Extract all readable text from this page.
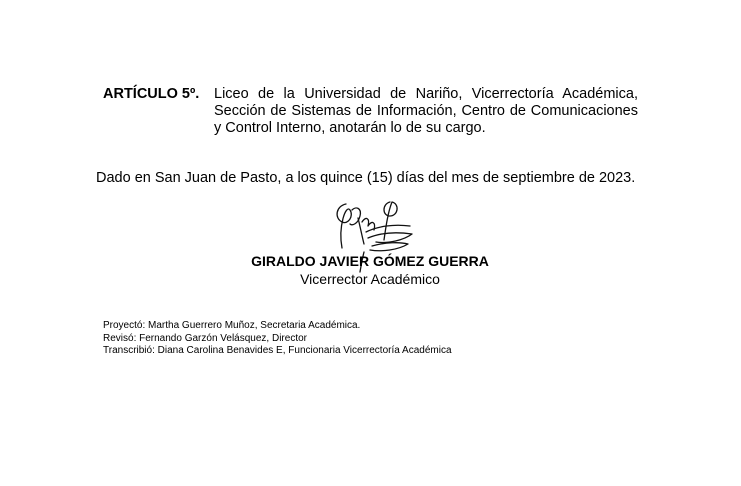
ARTÍCULO 5º. Liceo de la Universidad de Nariño, Vicerrectoría Académica, Sección de Sistemas de Información, Centro de Comunicaciones y Control Interno, anotarán lo de su cargo.
Dado en San Juan de Pasto, a los quince (15) días del mes de septiembre de 2023.
GIRALDO JAVIER GÓMEZ GUERRA
Vicerrector Académico
Proyectó: Martha Guerrero Muñoz, Secretaria Académica.
Revisó: Fernando Garzón Velásquez, Director
Transcribió: Diana Carolina Benavides E, Funcionaria Vicerrectoría Académica
